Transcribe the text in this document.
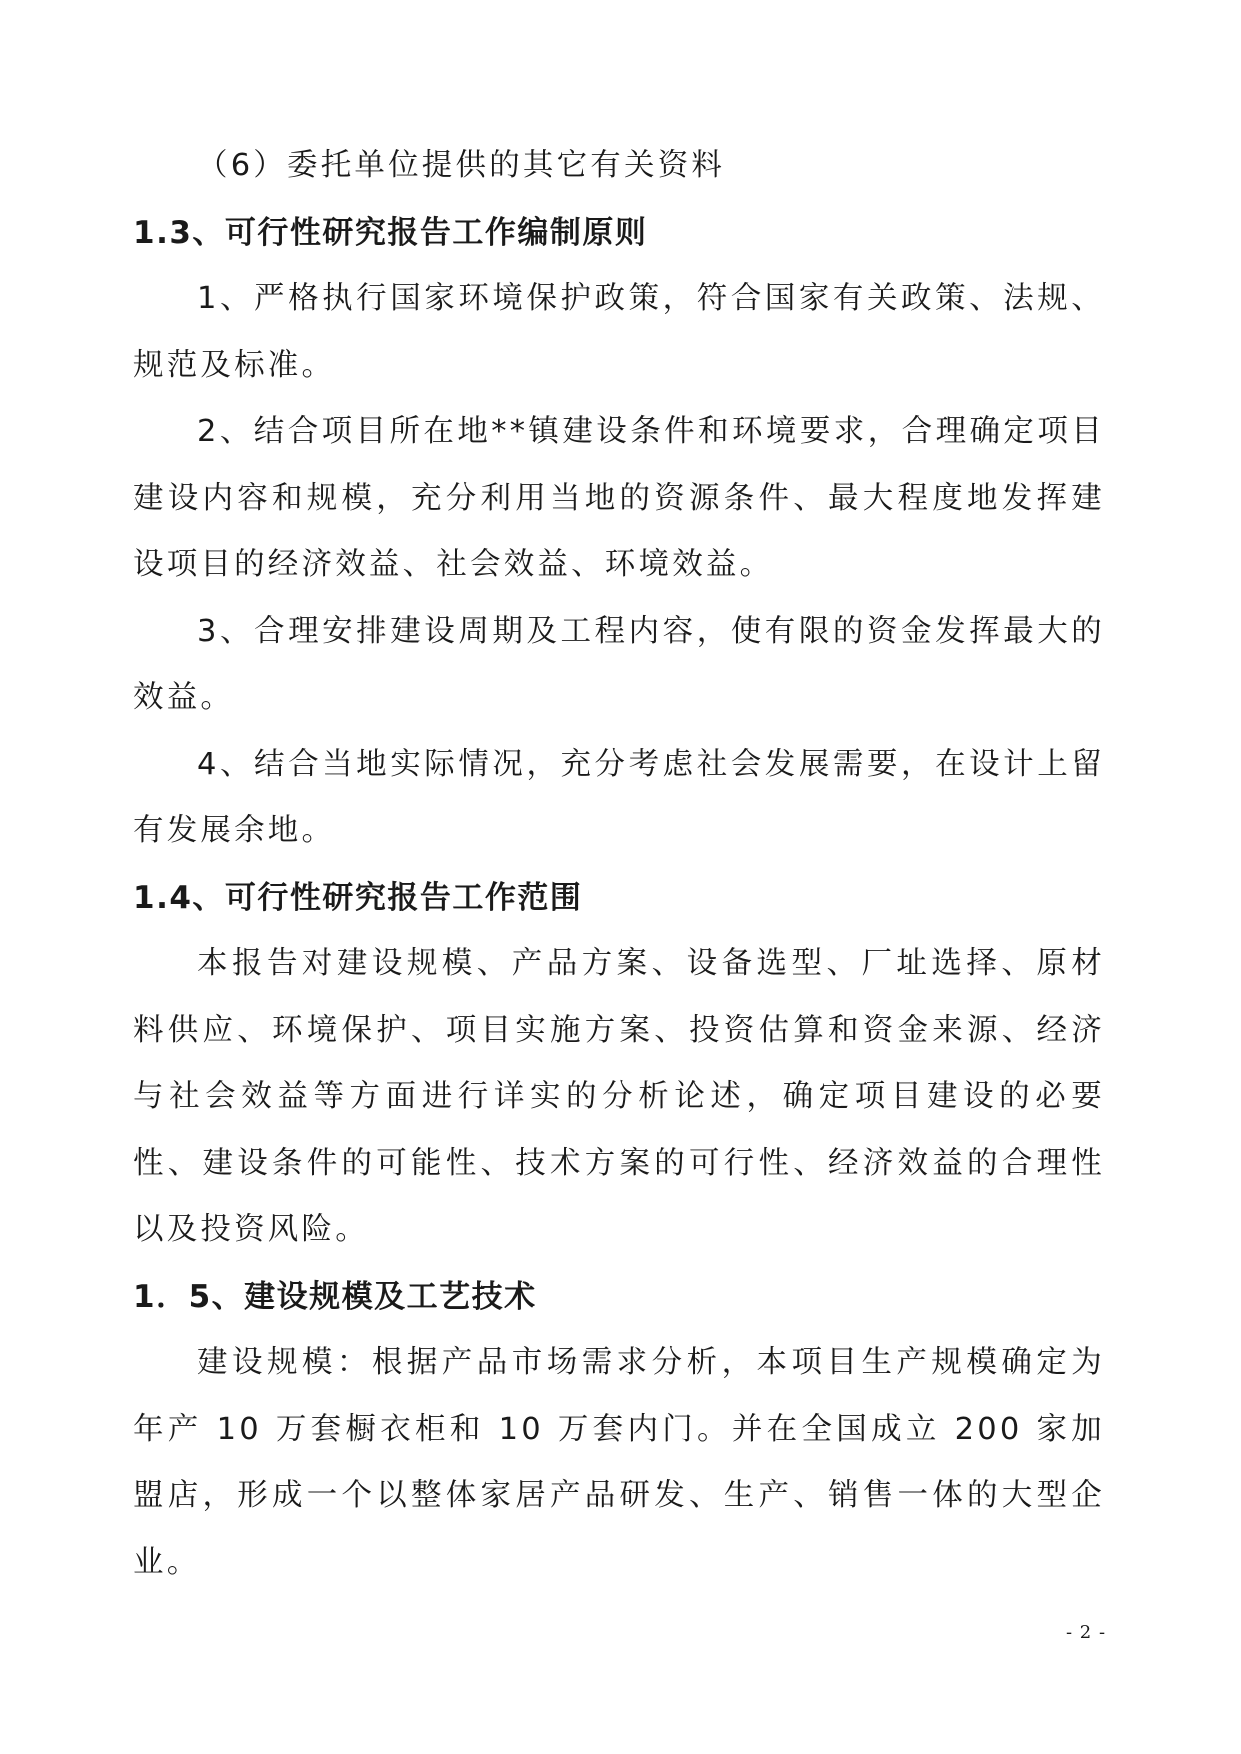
（6）委托单位提供的其它有关资料

1.3、可行性研究报告工作编制原则

1、严格执行国家环境保护政策，符合国家有关政策、法规、规范及标准。

2、结合项目所在地**镇建设条件和环境要求，合理确定项目建设内容和规模，充分利用当地的资源条件、最大程度地发挥建设项目的经济效益、社会效益、环境效益。

3、合理安排建设周期及工程内容，使有限的资金发挥最大的效益。

4、结合当地实际情况，充分考虑社会发展需要，在设计上留有发展余地。

1.4、可行性研究报告工作范围

本报告对建设规模、产品方案、设备选型、厂址选择、原材料供应、环境保护、项目实施方案、投资估算和资金来源、经济与社会效益等方面进行详实的分析论述，确定项目建设的必要性、建设条件的可能性、技术方案的可行性、经济效益的合理性以及投资风险。

1．5、建设规模及工艺技术

建设规模：根据产品市场需求分析，本项目生产规模确定为年产 10 万套橱衣柜和 10 万套内门。并在全国成立 200 家加盟店，形成一个以整体家居产品研发、生产、销售一体的大型企业。

- 2 -
